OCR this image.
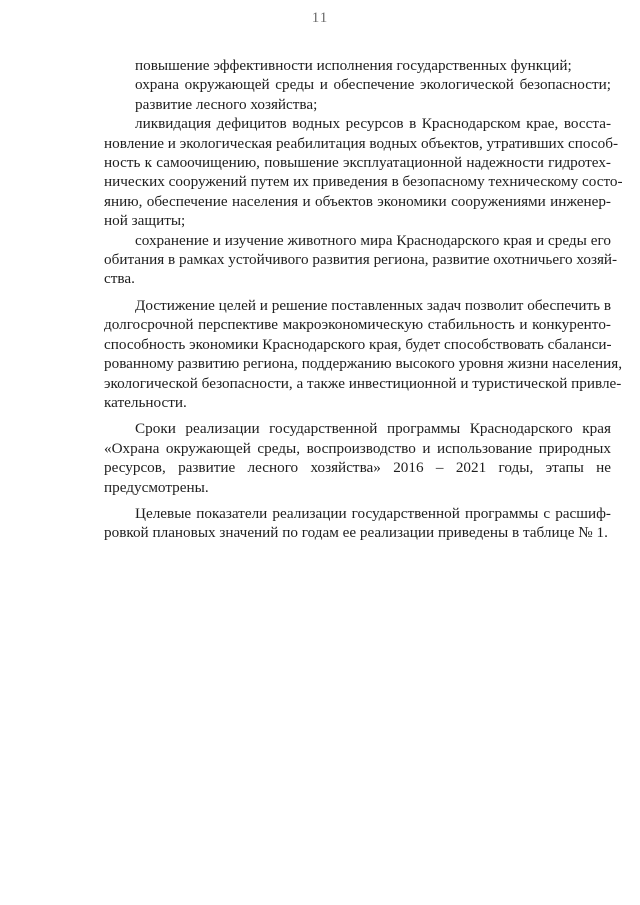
11
повышение эффективности исполнения государственных функций;
охрана окружающей среды и обеспечение экологической безопасности;
развитие лесного хозяйства;
ликвидация дефицитов водных ресурсов в Краснодарском крае, восста-
новление и экологическая реабилитация водных объектов, утративших способ-
ность к самоочищению, повышение эксплуатационной надежности гидротех-
нических сооружений путем их приведения в безопасному техническому состо-
янию, обеспечение населения и объектов экономики сооружениями инженер-
ной защиты;
сохранение и изучение животного мира Краснодарского края и среды его
обитания в рамках устойчивого развития региона, развитие охотничьего хозяй-
ства.
Достижение целей и решение поставленных задач позволит обеспечить в
долгосрочной перспективе макроэкономическую стабильность и конкурентo-
способность экономики Краснодарского края, будет способствовать сбаланси-
рованному развитию региона, поддержанию высокого уровня жизни населения,
экологической безопасности, а также инвестиционной и туристической привле-
кательности.
Сроки реализации государственной программы Краснодарского края
«Охрана окружающей среды, воспроизводство и использование природных
ресурсов, развитие лесного хозяйства» 2016 – 2021 годы, этапы не
предусмотрены.
Целевые показатели реализации государственной программы с расшиф-
ровкой плановых значений по годам ее реализации приведены в таблице № 1.
